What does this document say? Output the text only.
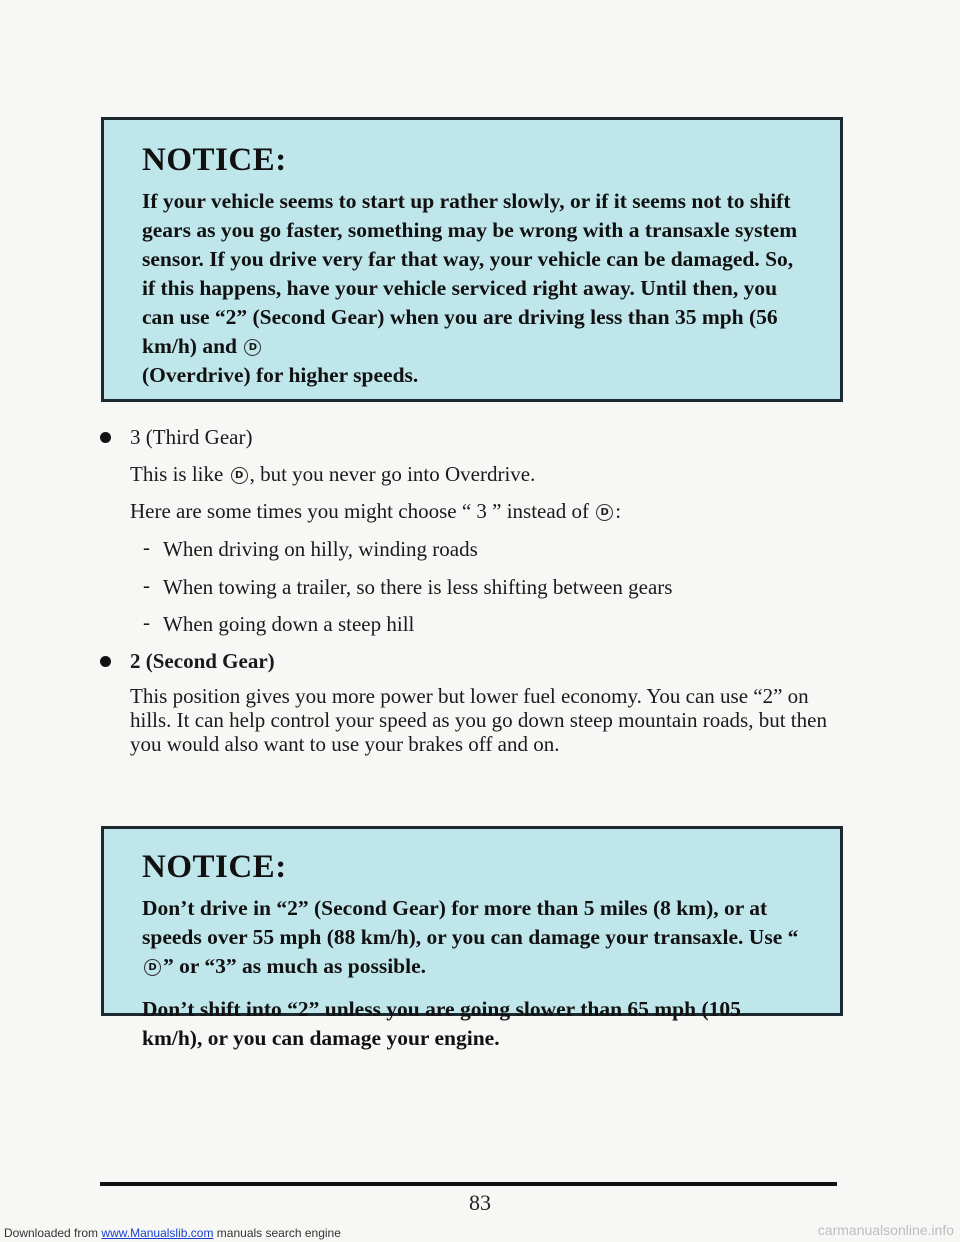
NOTICE:

If your vehicle seems to start up rather slowly, or if it seems not to shift gears as you go faster, something may be wrong with a transaxle system sensor. If you drive very far that way, your vehicle can be damaged. So, if this happens, have your vehicle serviced right away. Until then, you can use “2” (Second Gear) when you are driving less than 35 mph (56 km/h) and D
(Overdrive) for higher speeds.

3 (Third Gear)
This is like D , but you never go into Overdrive.
Here are some times you might choose “ 3 ” instead of D :
- When driving on hilly, winding roads
- When towing a trailer, so there is less shifting between gears
- When going down a steep hill
2 (Second Gear)
This position gives you more power but lower fuel economy. You can use “2” on hills. It can help control your speed as you go down steep mountain roads, but then you would also want to use your brakes off and on.

NOTICE:

Don’t drive in “2” (Second Gear) for more than 5 miles (8 km), or at speeds over 55 mph (88 km/h), or you can damage your transaxle. Use “D ” or “3” as much as possible.

Don’t shift into “2” unless you are going slower than 65 mph (105 km/h), or you can damage your engine.

83
Downloaded from www.Manualslib.com manuals search engine	carmanualsonline.info
